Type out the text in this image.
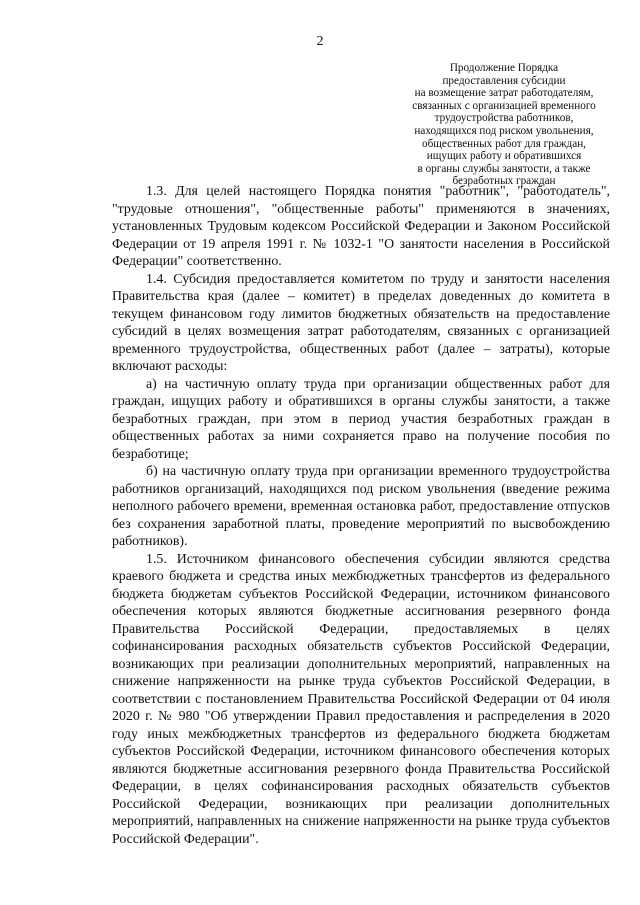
2
Продолжение Порядка
предоставления субсидии
на возмещение затрат работодателям,
связанных с организацией временного
трудоустройства работников,
находящихся под риском увольнения,
общественных работ для граждан,
ищущих работу и обратившихся
в органы службы занятости, а также
безработных граждан

1.3. Для целей настоящего Порядка понятия "работник", "работодатель", "трудовые отношения", "общественные работы" применяются в значениях, установленных Трудовым кодексом Российской Федерации и Законом Российской Федерации от 19 апреля 1991 г. № 1032-1 "О занятости населения в Российской Федерации" соответственно.

1.4. Субсидия предоставляется комитетом по труду и занятости населения Правительства края (далее – комитет) в пределах доведенных до комитета в текущем финансовом году лимитов бюджетных обязательств на предоставление субсидий в целях возмещения затрат работодателям, связанных с организацией временного трудоустройства, общественных работ (далее – затраты), которые включают расходы:

а) на частичную оплату труда при организации общественных работ для граждан, ищущих работу и обратившихся в органы службы занятости, а также безработных граждан, при этом в период участия безработных граждан в общественных работах за ними сохраняется право на получение пособия по безработице;

б) на частичную оплату труда при организации временного трудоустройства работников организаций, находящихся под риском увольнения (введение режима неполного рабочего времени, временная остановка работ, предоставление отпусков без сохранения заработной платы, проведение мероприятий по высвобождению работников).

1.5. Источником финансового обеспечения субсидии являются средства краевого бюджета и средства иных межбюджетных трансфертов из федерального бюджета бюджетам субъектов Российской Федерации, источником финансового обеспечения которых являются бюджетные ассигнования резервного фонда Правительства Российской Федерации, предоставляемых в целях софинансирования расходных обязательств субъектов Российской Федерации, возникающих при реализации дополнительных мероприятий, направленных на снижение напряженности на рынке труда субъектов Российской Федерации, в соответствии с постановлением Правительства Российской Федерации от 04 июля 2020 г. № 980 "Об утверждении Правил предоставления и распределения в 2020 году иных межбюджетных трансфертов из федерального бюджета бюджетам субъектов Российской Федерации, источником финансового обеспечения которых являются бюджетные ассигнования резервного фонда Правительства Российской Федерации, в целях софинансирования расходных обязательств субъектов Российской Федерации, возникающих при реализации дополнительных мероприятий, направленных на снижение напряженности на рынке труда субъектов Российской Федерации".
